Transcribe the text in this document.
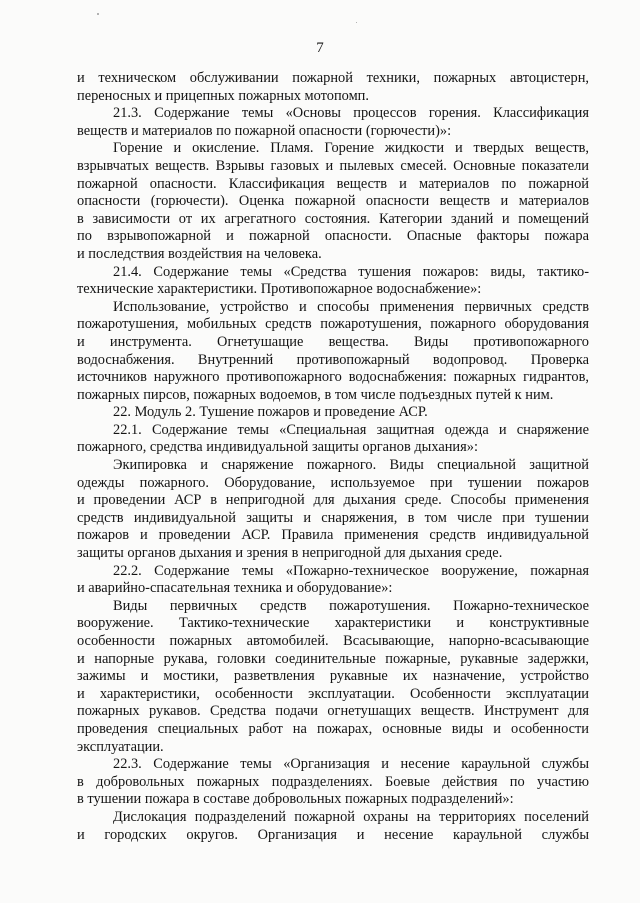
7

и техническом обслуживании пожарной техники, пожарных автоцистерн,

переносных и прицепных пожарных мотопомп.

21.3. Содержание темы «Основы процессов горения. Классификация

веществ и материалов по пожарной опасности (горючести)»:

Горение и окисление. Пламя. Горение жидкости и твердых веществ,

взрывчатых веществ. Взрывы газовых и пылевых смесей. Основные показатели

пожарной опасности. Классификация веществ и материалов по пожарной

опасности (горючести). Оценка пожарной опасности веществ и материалов

в зависимости от их агрегатного состояния. Категории зданий и помещений

по взрывопожарной и пожарной опасности. Опасные факторы пожара

и последствия воздействия на человека.

21.4. Содержание темы «Средства тушения пожаров: виды, тактико-

технические характеристики. Противопожарное водоснабжение»:

Использование, устройство и способы применения первичных средств

пожаротушения, мобильных средств пожаротушения, пожарного оборудования

и инструмента. Огнетушащие вещества. Виды противопожарного

водоснабжения. Внутренний противопожарный водопровод. Проверка

источников наружного противопожарного водоснабжения: пожарных гидрантов,

пожарных пирсов, пожарных водоемов, в том числе подъездных путей к ним.

22. Модуль 2. Тушение пожаров и проведение АСР.

22.1. Содержание темы «Специальная защитная одежда и снаряжение

пожарного, средства индивидуальной защиты органов дыхания»:

Экипировка и снаряжение пожарного. Виды специальной защитной

одежды пожарного. Оборудование, используемое при тушении пожаров

и проведении АСР в непригодной для дыхания среде. Способы применения

средств индивидуальной защиты и снаряжения, в том числе при тушении

пожаров и проведении АСР. Правила применения средств индивидуальной

защиты органов дыхания и зрения в непригодной для дыхания среде.

22.2. Содержание темы «Пожарно-техническое вооружение, пожарная

и аварийно-спасательная техника и оборудование»:

Виды первичных средств пожаротушения. Пожарно-техническое

вооружение. Тактико-технические характеристики и конструктивные

особенности пожарных автомобилей. Всасывающие, напорно-всасывающие

и напорные рукава, головки соединительные пожарные, рукавные задержки,

зажимы и мостики, разветвления рукавные их назначение, устройство

и характеристики, особенности эксплуатации. Особенности эксплуатации

пожарных рукавов. Средства подачи огнетушащих веществ. Инструмент для

проведения специальных работ на пожарах, основные виды и особенности

эксплуатации.

22.3. Содержание темы «Организация и несение караульной службы

в добровольных пожарных подразделениях. Боевые действия по участию

в тушении пожара в составе добровольных пожарных подразделений»:

Дислокация подразделений пожарной охраны на территориях поселений

и городских округов. Организация и несение караульной службы
